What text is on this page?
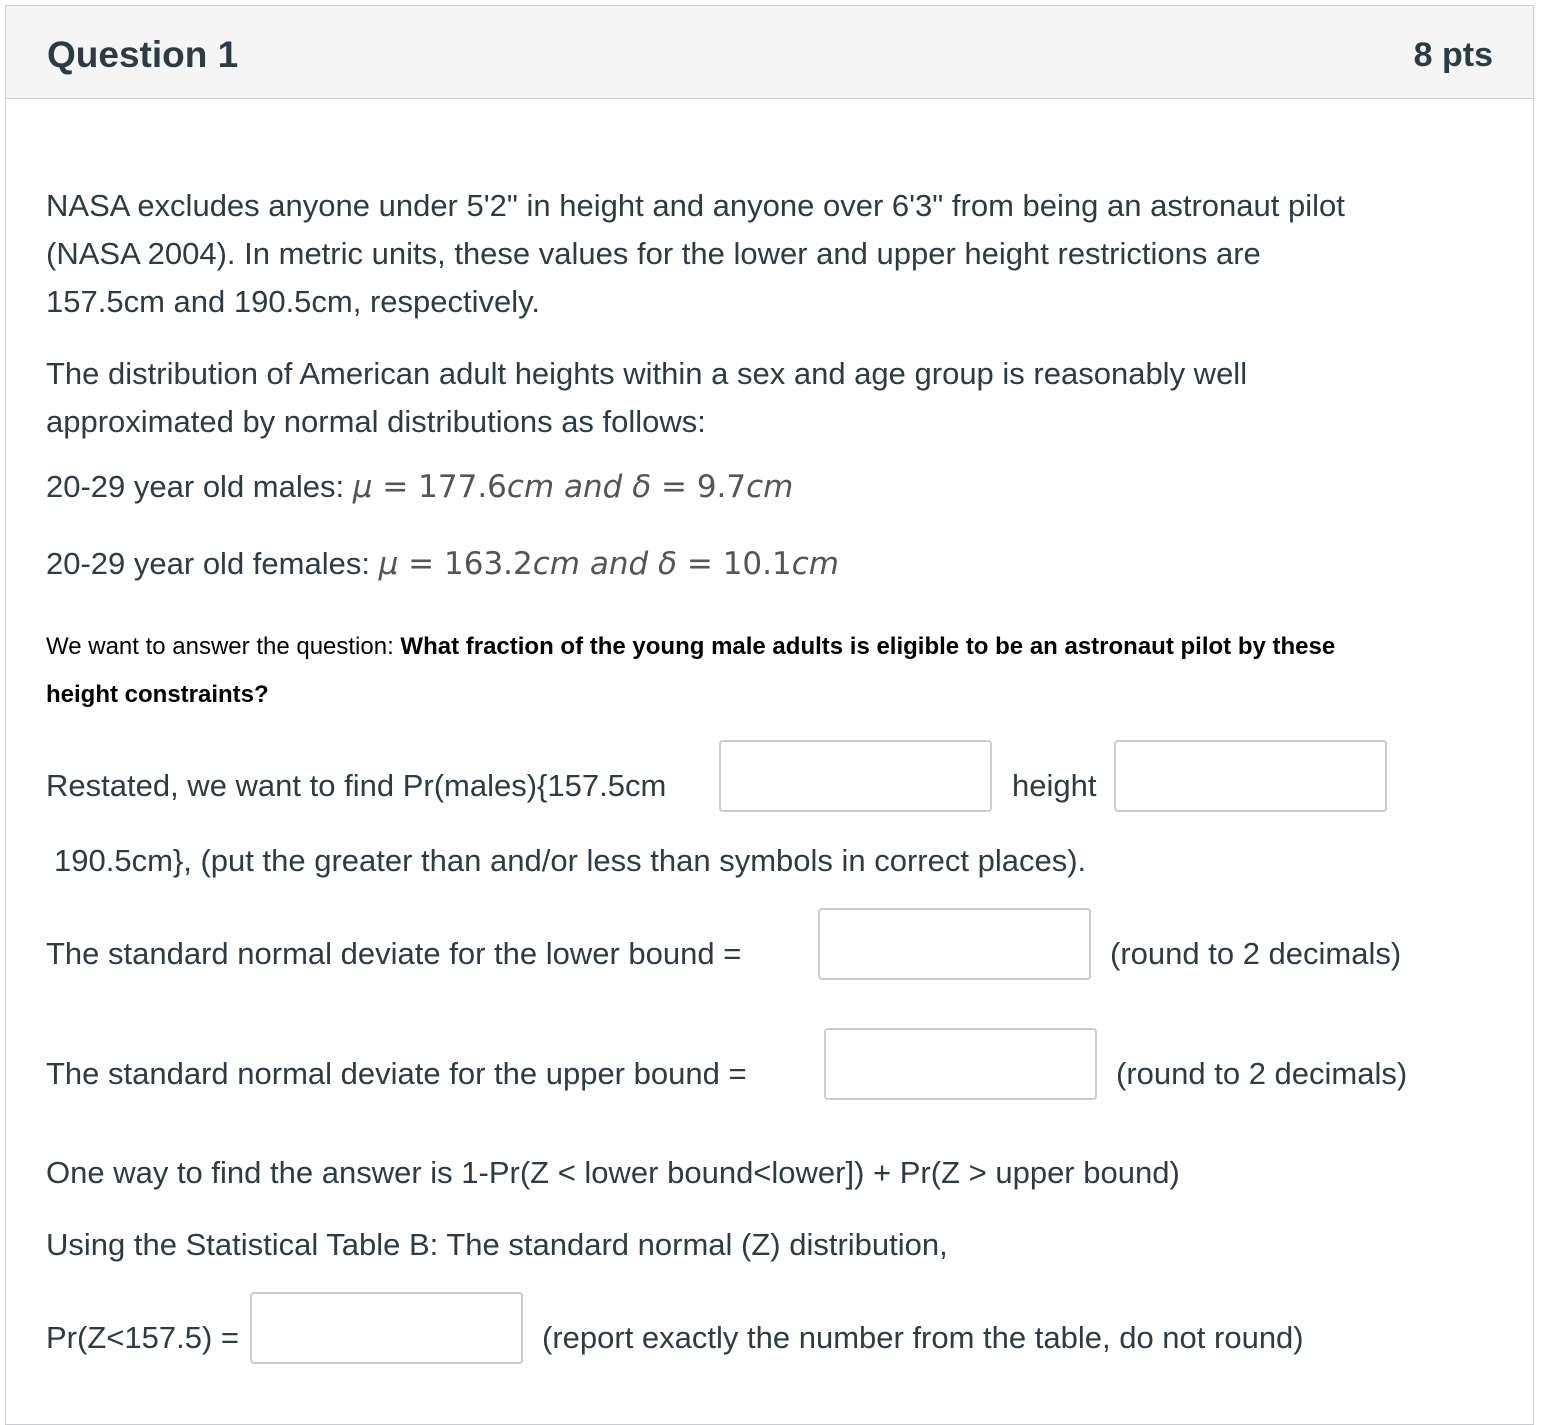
Question 1	8 pts
NASA excludes anyone under 5'2" in height and anyone over 6'3" from being an astronaut pilot
(NASA 2004). In metric units, these values for the lower and upper height restrictions are
157.5cm and 190.5cm, respectively.
The distribution of American adult heights within a sex and age group is reasonably well
approximated by normal distributions as follows:
20-29 year old males: μ = 177.6cm and δ = 9.7cm
20-29 year old females: μ = 163.2cm and δ = 10.1cm
We want to answer the question: What fraction of the young male adults is eligible to be an astronaut pilot by these
height constraints?
Restated, we want to find Pr(males){157.5cm	height
190.5cm}, (put the greater than and/or less than symbols in correct places).
The standard normal deviate for the lower bound =	(round to 2 decimals)
The standard normal deviate for the upper bound =	(round to 2 decimals)
One way to find the answer is 1-Pr(Z < lower bound<lower]) + Pr(Z > upper bound)
Using the Statistical Table B: The standard normal (Z) distribution,
Pr(Z<157.5) =	(report exactly the number from the table, do not round)
